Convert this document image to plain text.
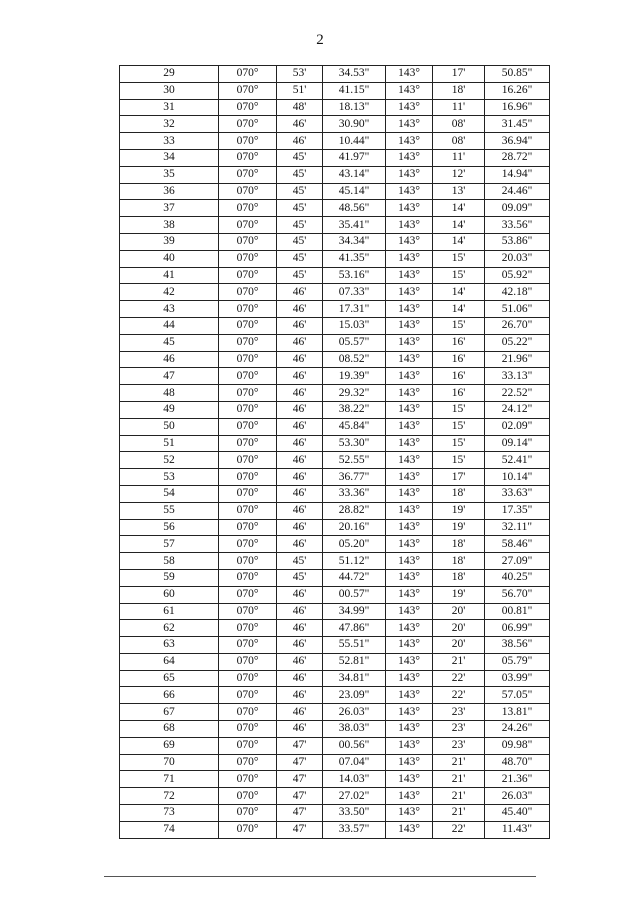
2
29	070°	53'	34.53"	143°	17'	50.85"
30	070°	51'	41.15"	143°	18'	16.26"
31	070°	48'	18.13"	143°	11'	16.96"
32	070°	46'	30.90"	143°	08'	31.45"
33	070°	46'	10.44"	143°	08'	36.94"
34	070°	45'	41.97"	143°	11'	28.72"
35	070°	45'	43.14"	143°	12'	14.94"
36	070°	45'	45.14"	143°	13'	24.46"
37	070°	45'	48.56"	143°	14'	09.09"
38	070°	45'	35.41"	143°	14'	33.56"
39	070°	45'	34.34"	143°	14'	53.86"
40	070°	45'	41.35"	143°	15'	20.03"
41	070°	45'	53.16"	143°	15'	05.92"
42	070°	46'	07.33"	143°	14'	42.18"
43	070°	46'	17.31"	143°	14'	51.06"
44	070°	46'	15.03"	143°	15'	26.70"
45	070°	46'	05.57"	143°	16'	05.22"
46	070°	46'	08.52"	143°	16'	21.96"
47	070°	46'	19.39"	143°	16'	33.13"
48	070°	46'	29.32"	143°	16'	22.52"
49	070°	46'	38.22"	143°	15'	24.12"
50	070°	46'	45.84"	143°	15'	02.09"
51	070°	46'	53.30"	143°	15'	09.14"
52	070°	46'	52.55"	143°	15'	52.41"
53	070°	46'	36.77"	143°	17'	10.14"
54	070°	46'	33.36"	143°	18'	33.63"
55	070°	46'	28.82"	143°	19'	17.35"
56	070°	46'	20.16"	143°	19'	32.11"
57	070°	46'	05.20"	143°	18'	58.46"
58	070°	45'	51.12"	143°	18'	27.09"
59	070°	45'	44.72"	143°	18'	40.25"
60	070°	46'	00.57"	143°	19'	56.70"
61	070°	46'	34.99"	143°	20'	00.81"
62	070°	46'	47.86"	143°	20'	06.99"
63	070°	46'	55.51"	143°	20'	38.56"
64	070°	46'	52.81"	143°	21'	05.79"
65	070°	46'	34.81"	143°	22'	03.99"
66	070°	46'	23.09"	143°	22'	57.05"
67	070°	46'	26.03"	143°	23'	13.81"
68	070°	46'	38.03"	143°	23'	24.26"
69	070°	47'	00.56"	143°	23'	09.98"
70	070°	47'	07.04"	143°	21'	48.70"
71	070°	47'	14.03"	143°	21'	21.36"
72	070°	47'	27.02"	143°	21'	26.03"
73	070°	47'	33.50"	143°	21'	45.40"
74	070°	47'	33.57"	143°	22'	11.43"
